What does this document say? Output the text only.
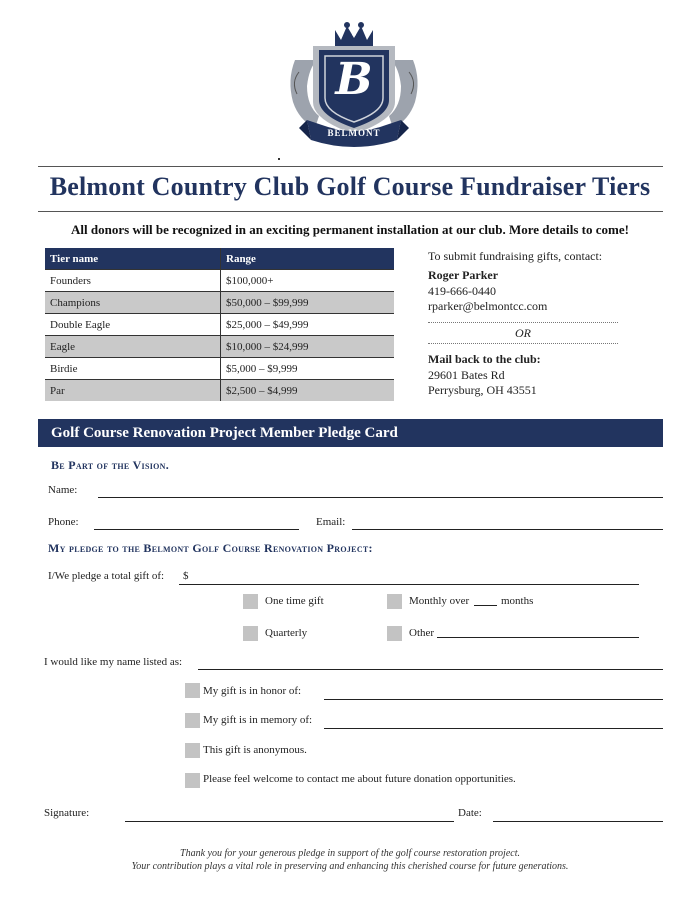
B
BELMONT
Belmont Country Club Golf Course Fundraiser Tiers
All donors will be recognized in an exciting permanent installation at our club. More details to come!
Tier name	Range
Founders	$100,000+
Champions	$50,000 – $99,999
Double Eagle	$25,000 – $49,999
Eagle	$10,000 – $24,999
Birdie	$5,000 – $9,999
Par	$2,500 – $4,999
To submit fundraising gifts, contact:
Roger Parker
419-666-0440
rparker@belmontcc.com
OR
Mail back to the club:
29601 Bates Rd
Perrysburg, OH 43551
Golf Course Renovation Project Member Pledge Card
Be Part of the Vision.
Name:
Phone:	Email:
My pledge to the Belmont Golf Course Renovation Project:
I/We pledge a total gift of: $
One time gift	Monthly over	months
Quarterly	Other
I would like my name listed as:
My gift is in honor of:
My gift is in memory of:
This gift is anonymous.
Please feel welcome to contact me about future donation opportunities.
Signature:	Date:
Thank you for your generous pledge in support of the golf course restoration project.
Your contribution plays a vital role in preserving and enhancing this cherished course for future generations.
